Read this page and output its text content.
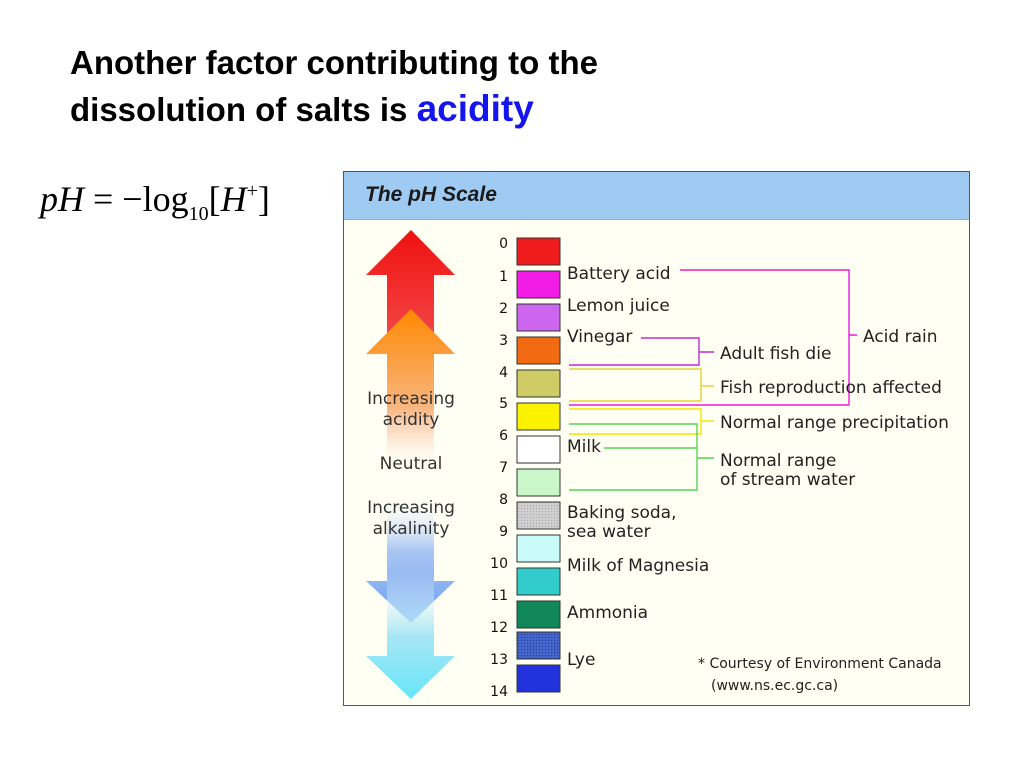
Another factor contributing to the
dissolution of salts is acidity
pH = $-\log_{10}[H^+]$	The pH Scale
Increasing
acidity
Neutral
Increasing
alkalinity
0
1
2
3
4
5
6
7
8
9
10
11
12
13
14
Battery acid
Lemon juice
Vinegar
Milk
Baking soda,
sea water
Milk of Magnesia
Ammonia
Lye
Acid rain
Adult fish die
Fish reproduction affected
Normal range precipitation
Normal range
of stream water
* Courtesy of Environment Canada
(www.ns.ec.gc.ca)
